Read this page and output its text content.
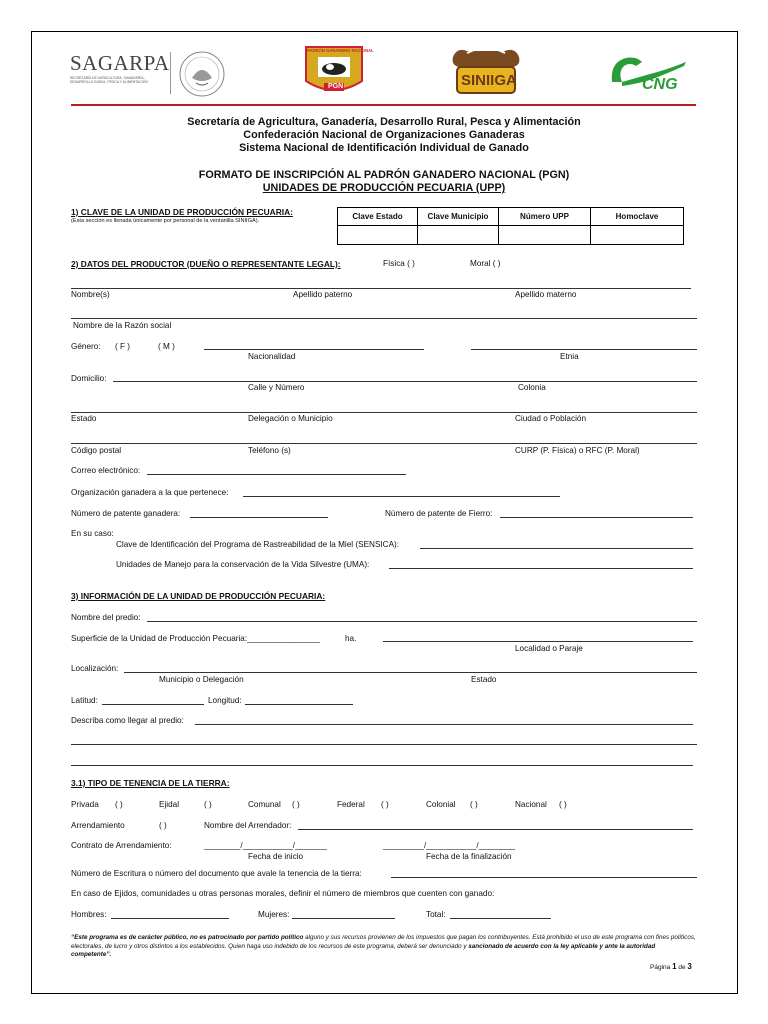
SAGARPA
SECRETARÍA DE AGRICULTURA, GANADERÍA, DESARROLLO RURAL, PESCA Y ALIMENTACIÓN
PADRÓN GANADERO NACIONAL
PGN	SINIIGA	CNG
Secretaría de Agricultura, Ganadería, Desarrollo Rural, Pesca y Alimentación
Confederación Nacional de Organizaciones Ganaderas
Sistema Nacional de Identificación Individual de Ganado
FORMATO DE INSCRIPCIÓN AL PADRÓN GANADERO NACIONAL (PGN)
UNIDADES DE PRODUCCIÓN PECUARIA (UPP)
1) CLAVE DE LA UNIDAD DE PRODUCCIÓN PECUARIA:
(Esta sección es llenada únicamente por personal de la ventanilla SINIIGA).	Clave Estado	Clave Municipio	Número UPP	Homoclave

2) DATOS DEL PRODUCTOR (DUEÑO O REPRESENTANTE LEGAL):	Física ( )	Moral ( )
Nombre(s)	Apellido paterno	Apellido materno
Nombre de la Razón social
Género: ( F )	( M )
Nacionalidad	Etnia
Domicilio:
Calle y Número	Colonia
Estado	Delegación o Municipio	Ciudad o Población
Código postal	Teléfono (s)	CURP (P. Física) o RFC (P. Moral)
Correo electrónico:
Organización ganadera a la que pertenece:
Número de patente ganadera:	Número de patente de Fierro:
En su caso:
Clave de Identificación del Programa de Rastreabilidad de la Miel (SENSICA):
Unidades de Manejo para la conservación de la Vida Silvestre (UMA):
3) INFORMACIÓN DE LA UNIDAD DE PRODUCCIÓN PECUARIA:
Nombre del predio:
Superficie de la Unidad de Producción Pecuaria:________________	ha.
Localidad o Paraje
Localización:
Municipio o Delegación	Estado
Latitud:	Longitud:
Describa como llegar al predio:
3.1) TIPO DE TENENCIA DE LA TIERRA:
Privada ( )	Ejidal	( )	Comunal ( )	Federal ( )	Colonial ( )	Nacional ( )
Arrendamiento	( )	Nombre del Arrendador:
Contrato de Arrendamiento:	________/___________/_______	_________/___________/________
Fecha de inicio	Fecha de la finalización
Número de Escritura o número del documento que avale la tenencia de la tierra:
En caso de Ejidos, comunidades u otras personas morales, definir el número de miembros que cuenten con ganado:
Hombres:	Mujeres:	Total:
“Este programa es de carácter público, no es patrocinado por partido político alguno y sus recursos provienen de los impuestos que pagan los contribuyentes. Está prohibido el uso de este programa con fines políticos, electorales, de lucro y otros distintos a los establecidos. Quien haga uso indebido de los recursos de este programa, deberá ser denunciado y sancionado de acuerdo con la ley aplicable y ante la autoridad competente”.
Página 1 de 3
